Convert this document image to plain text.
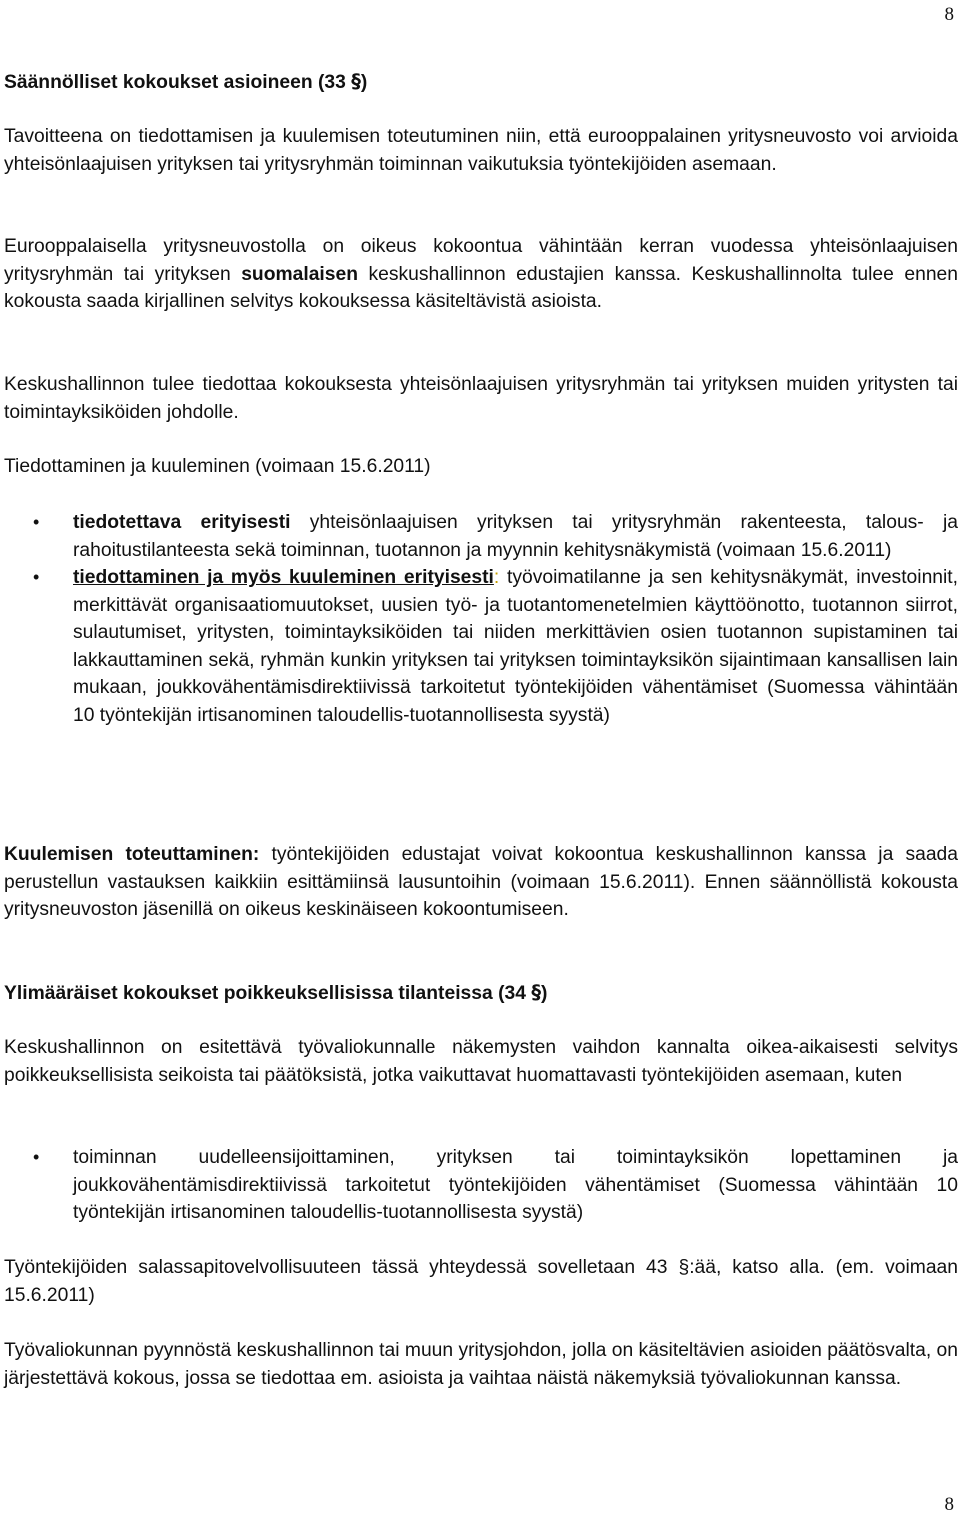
8

Säännölliset kokoukset asioineen (33 §)

Tavoitteena on tiedottamisen ja kuulemisen toteutuminen niin, että eurooppalainen yritysneuvosto voi arvioida yhteisönlaajuisen yrityksen tai yritysryhmän toiminnan vaikutuksia työntekijöiden asemaan.

Eurooppalaisella yritysneuvostolla on oikeus kokoontua vähintään kerran vuodessa yhteisönlaajuisen yritysryhmän tai yrityksen suomalaisen keskushallinnon edustajien kanssa. Keskushallinnolta tulee ennen kokousta saada kirjallinen selvitys kokouksessa käsiteltävistä asioista.

Keskushallinnon tulee tiedottaa kokouksesta yhteisönlaajuisen yritysryhmän tai yrityksen muiden yritysten tai toimintayksiköiden johdolle.

Tiedottaminen ja kuuleminen (voimaan 15.6.2011)

• tiedotettava erityisesti yhteisönlaajuisen yrityksen tai yritysryhmän rakenteesta, talous- ja rahoitustilanteesta sekä toiminnan, tuotannon ja myynnin kehitysnäkymistä (voimaan 15.6.2011)
• tiedottaminen ja myös kuuleminen erityisesti: työvoimatilanne ja sen kehitysnäkymät, investoinnit, merkittävät organisaatiomuutokset, uusien työ- ja tuotantomenetelmien käyttöönotto, tuotannon siirrot, sulautumiset, yritysten, toimintayksiköiden tai niiden merkittävien osien tuotannon supistaminen tai lakkauttaminen sekä, ryhmän kunkin yrityksen tai yrityksen toimintayksikön sijaintimaan kansallisen lain mukaan, joukkovähentämisdirektiivissä tarkoitetut työntekijöiden vähentämiset (Suomessa vähintään 10 työntekijän irtisanominen taloudellis-tuotannollisesta syystä)

Kuulemisen toteuttaminen: työntekijöiden edustajat voivat kokoontua keskushallinnon kanssa ja saada perustellun vastauksen kaikkiin esittämiinsä lausuntoihin (voimaan 15.6.2011). Ennen säännöllistä kokousta yritysneuvoston jäsenillä on oikeus keskinäiseen kokoontumiseen.

Ylimääräiset kokoukset poikkeuksellisissa tilanteissa (34 §)

Keskushallinnon on esitettävä työvaliokunnalle näkemysten vaihdon kannalta oikea-aikaisesti selvitys poikkeuksellisista seikoista tai päätöksistä, jotka vaikuttavat huomattavasti työntekijöiden asemaan, kuten

• toiminnan uudelleensijoittaminen, yrityksen tai toimintayksikön lopettaminen ja joukkovähentämisdirektiivissä tarkoitetut työntekijöiden vähentämiset (Suomessa vähintään 10 työntekijän irtisanominen taloudellis-tuotannollisesta syystä)

Työntekijöiden salassapitovelvollisuuteen tässä yhteydessä sovelletaan 43 §:ää, katso alla. (em. voimaan 15.6.2011)

Työvaliokunnan pyynnöstä keskushallinnon tai muun yritysjohdon, jolla on käsiteltävien asioiden päätösvalta, on järjestettävä kokous, jossa se tiedottaa em. asioista ja vaihtaa näistä näkemyksiä työvaliokunnan kanssa.

8
